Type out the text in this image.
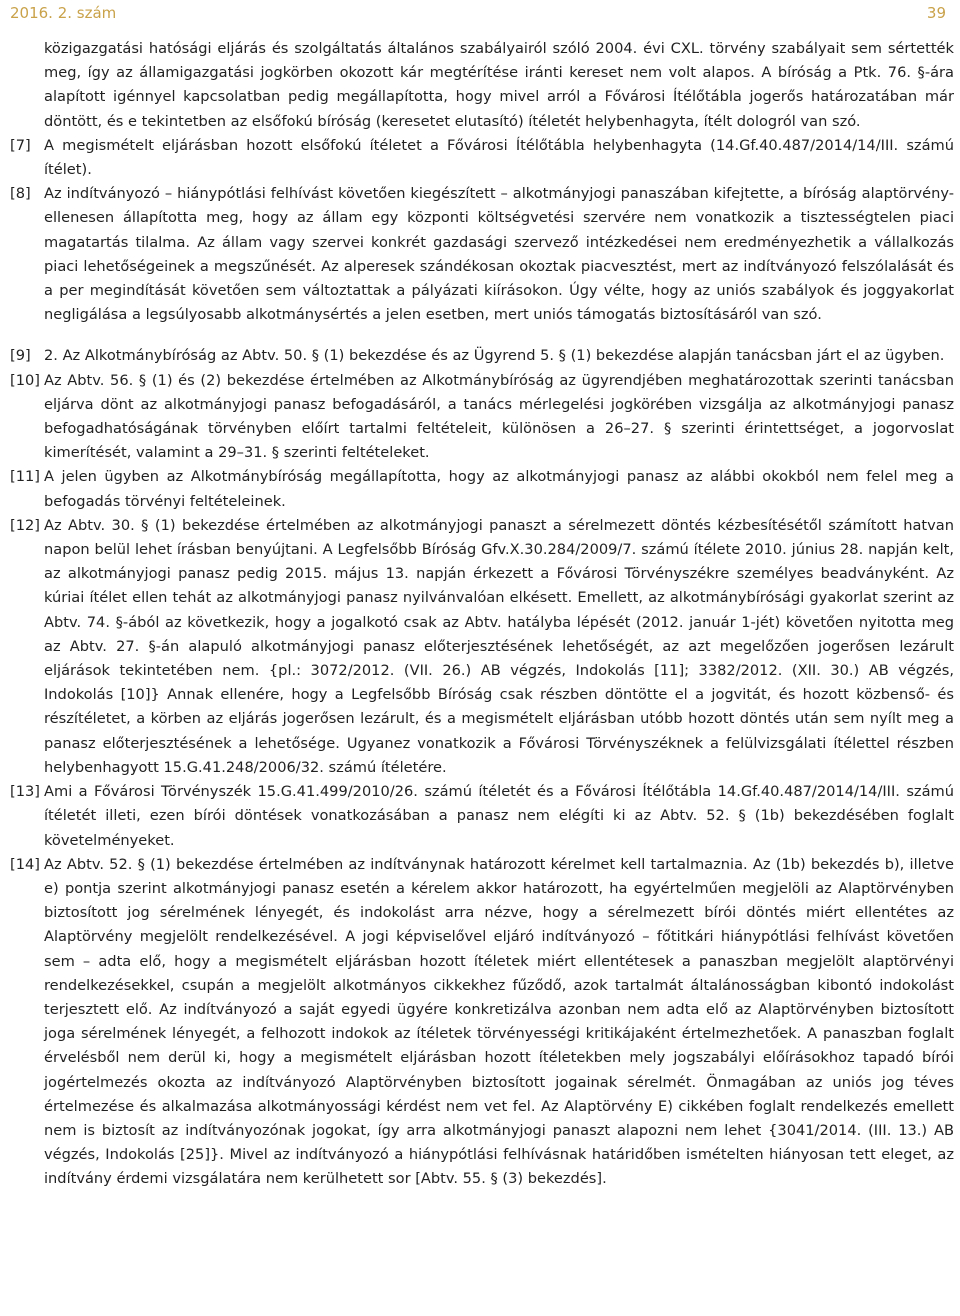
2016. 2. szám	39

közigazgatási hatósági eljárás és szolgáltatás általános szabályairól szóló 2004. évi CXL. törvény szabályait sem sértették meg, így az államigazgatási jogkörben okozott kár megtérítése iránti kereset nem volt alapos. A bíróság a Ptk. 76. §-ára alapított igénnyel kapcsolatban pedig megállapította, hogy mivel arról a Fővárosi Ítélőtábla jogerős határozatában már döntött, és e tekintetben az elsőfokú bíróság (keresetet elutasító) ítéletét helybenhagyta, ítélt dologról van szó.

[7] A megismételt eljárásban hozott elsőfokú ítéletet a Fővárosi Ítélőtábla helybenhagyta (14.Gf.40.487/2014/14/III. számú ítélet).

[8] Az indítványozó – hiánypótlási felhívást követően kiegészített – alkotmányjogi panaszában kifejtette, a bíróság alaptörvény-ellenesen állapította meg, hogy az állam egy központi költségvetési szervére nem vonatkozik a tisztességtelen piaci magatartás tilalma. Az állam vagy szervei konkrét gazdasági szervező intézkedései nem eredményezhetik a vállalkozás piaci lehetőségeinek a megszűnését. Az alperesek szándékosan okoztak piacvesztést, mert az indítványozó felszólalását és a per megindítását követően sem változtattak a pályázati kiírásokon. Úgy vélte, hogy az uniós szabályok és joggyakorlat negligálása a legsúlyosabb alkotmánysértés a jelen esetben, mert uniós támogatás biztosításáról van szó.

[9] 2. Az Alkotmánybíróság az Abtv. 50. § (1) bekezdése és az Ügyrend 5. § (1) bekezdése alapján tanácsban járt el az ügyben.

[10] Az Abtv. 56. § (1) és (2) bekezdése értelmében az Alkotmánybíróság az ügyrendjében meghatározottak szerinti tanácsban eljárva dönt az alkotmányjogi panasz befogadásáról, a tanács mérlegelési jogkörében vizsgálja az alkotmányjogi panasz befogadhatóságának törvényben előírt tartalmi feltételeit, különösen a 26–27. § szerinti érintettséget, a jogorvoslat kimerítését, valamint a 29–31. § szerinti feltételeket.

[11] A jelen ügyben az Alkotmánybíróság megállapította, hogy az alkotmányjogi panasz az alábbi okokból nem felel meg a befogadás törvényi feltételeinek.

[12] Az Abtv. 30. § (1) bekezdése értelmében az alkotmányjogi panaszt a sérelmezett döntés kézbesítésétől számított hatvan napon belül lehet írásban benyújtani. A Legfelsőbb Bíróság Gfv.X.30.284/2009/7. számú ítélete 2010. június 28. napján kelt, az alkotmányjogi panasz pedig 2015. május 13. napján érkezett a Fővárosi Törvényszékre személyes beadványként. Az kúriai ítélet ellen tehát az alkotmányjogi panasz nyilvánvalóan elkésett. Emellett, az alkotmánybírósági gyakorlat szerint az Abtv. 74. §-ából az következik, hogy a jogalkotó csak az Abtv. hatályba lépését (2012. január 1-jét) követően nyitotta meg az Abtv. 27. §-án alapuló alkotmányjogi panasz előterjesztésének lehetőségét, az azt megelőzően jogerősen lezárult eljárások tekintetében nem. {pl.: 3072/2012. (VII. 26.) AB végzés, Indokolás [11]; 3382/2012. (XII. 30.) AB végzés, Indokolás [10]} Annak ellenére, hogy a Legfelsőbb Bíróság csak részben döntötte el a jogvitát, és hozott közbenső- és részítéletet, a körben az eljárás jogerősen lezárult, és a megismételt eljárásban utóbb hozott döntés után sem nyílt meg a panasz előterjesztésének a lehetősége. Ugyanez vonatkozik a Fővárosi Törvényszéknek a felülvizsgálati ítélettel részben helybenhagyott 15.G.41.248/2006/32. számú ítéletére.

[13] Ami a Fővárosi Törvényszék 15.G.41.499/2010/26. számú ítéletét és a Fővárosi Ítélőtábla 14.Gf.40.487/2014/14/III. számú ítéletét illeti, ezen bírói döntések vonatkozásában a panasz nem elégíti ki az Abtv. 52. § (1b) bekezdésében foglalt követelményeket.

[14] Az Abtv. 52. § (1) bekezdése értelmében az indítványnak határozott kérelmet kell tartalmaznia. Az (1b) bekezdés b), illetve e) pontja szerint alkotmányjogi panasz esetén a kérelem akkor határozott, ha egyértelműen megjelöli az Alaptörvényben biztosított jog sérelmének lényegét, és indokolást arra nézve, hogy a sérelmezett bírói döntés miért ellentétes az Alaptörvény megjelölt rendelkezésével. A jogi képviselővel eljáró indítványozó – főtitkári hiánypótlási felhívást követően sem – adta elő, hogy a megismételt eljárásban hozott ítéletek miért ellentétesek a panaszban megjelölt alaptörvényi rendelkezésekkel, csupán a megjelölt alkotmányos cikkekhez fűződő, azok tartalmát általánosságban kibontó indokolást terjesztett elő. Az indítványozó a saját egyedi ügyére konkretizálva azonban nem adta elő az Alaptörvényben biztosított joga sérelmének lényegét, a felhozott indokok az ítéletek törvényességi kritikájaként értelmezhetőek. A panaszban foglalt érvelésből nem derül ki, hogy a megismételt eljárásban hozott ítéletekben mely jogszabályi előírásokhoz tapadó bírói jogértelmezés okozta az indítványozó Alaptörvényben biztosított jogainak sérelmét. Önmagában az uniós jog téves értelmezése és alkalmazása alkotmányossági kérdést nem vet fel. Az Alaptörvény E) cikkében foglalt rendelkezés emellett nem is biztosít az indítványozónak jogokat, így arra alkotmányjogi panaszt alapozni nem lehet {3041/2014. (III. 13.) AB végzés, Indokolás [25]}. Mivel az indítványozó a hiánypótlási felhívásnak határidőben ismételten hiányosan tett eleget, az indítvány érdemi vizsgálatára nem kerülhetett sor [Abtv. 55. § (3) bekezdés].
